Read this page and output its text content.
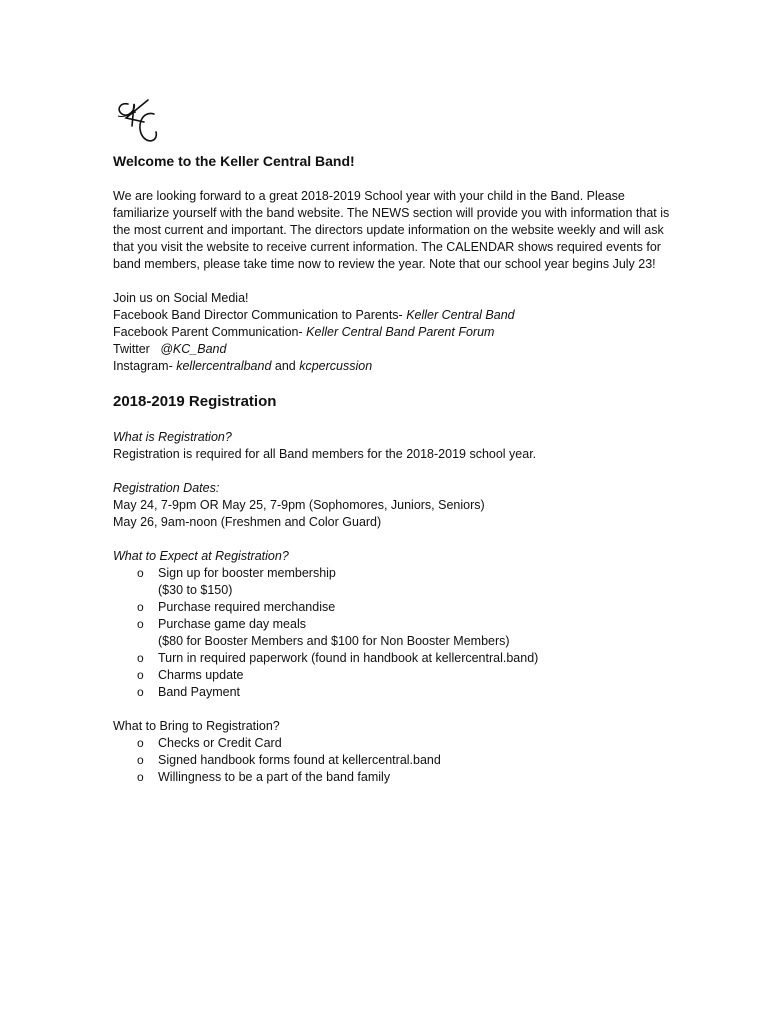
Welcome to the Keller Central Band!

We are looking forward to a great 2018-2019 School year with your child in the Band. Please familiarize yourself with the band website. The NEWS section will provide you with information that is the most current and important. The directors update information on the website weekly and will ask that you visit the website to receive current information. The CALENDAR shows required events for band members, please take time now to review the year. Note that our school year begins July 23!

Join us on Social Media!
Facebook Band Director Communication to Parents- Keller Central Band
Facebook Parent Communication- Keller Central Band Parent Forum
Twitter   @KC_Band
Instagram- kellercentralband and kcpercussion
2018-2019 Registration
What is Registration?
Registration is required for all Band members for the 2018-2019 school year.
Registration Dates:
May 24, 7-9pm OR May 25, 7-9pm (Sophomores, Juniors, Seniors)
May 26, 9am-noon (Freshmen and Color Guard)
What to Expect at Registration?
o Sign up for booster membership
($30 to $150)
o Purchase required merchandise
o Purchase game day meals
($80 for Booster Members and $100 for Non Booster Members)
o Turn in required paperwork (found in handbook at kellercentral.band)
o Charms update
o Band Payment
What to Bring to Registration?
o Checks or Credit Card
o Signed handbook forms found at kellercentral.band
o Willingness to be a part of the band family
